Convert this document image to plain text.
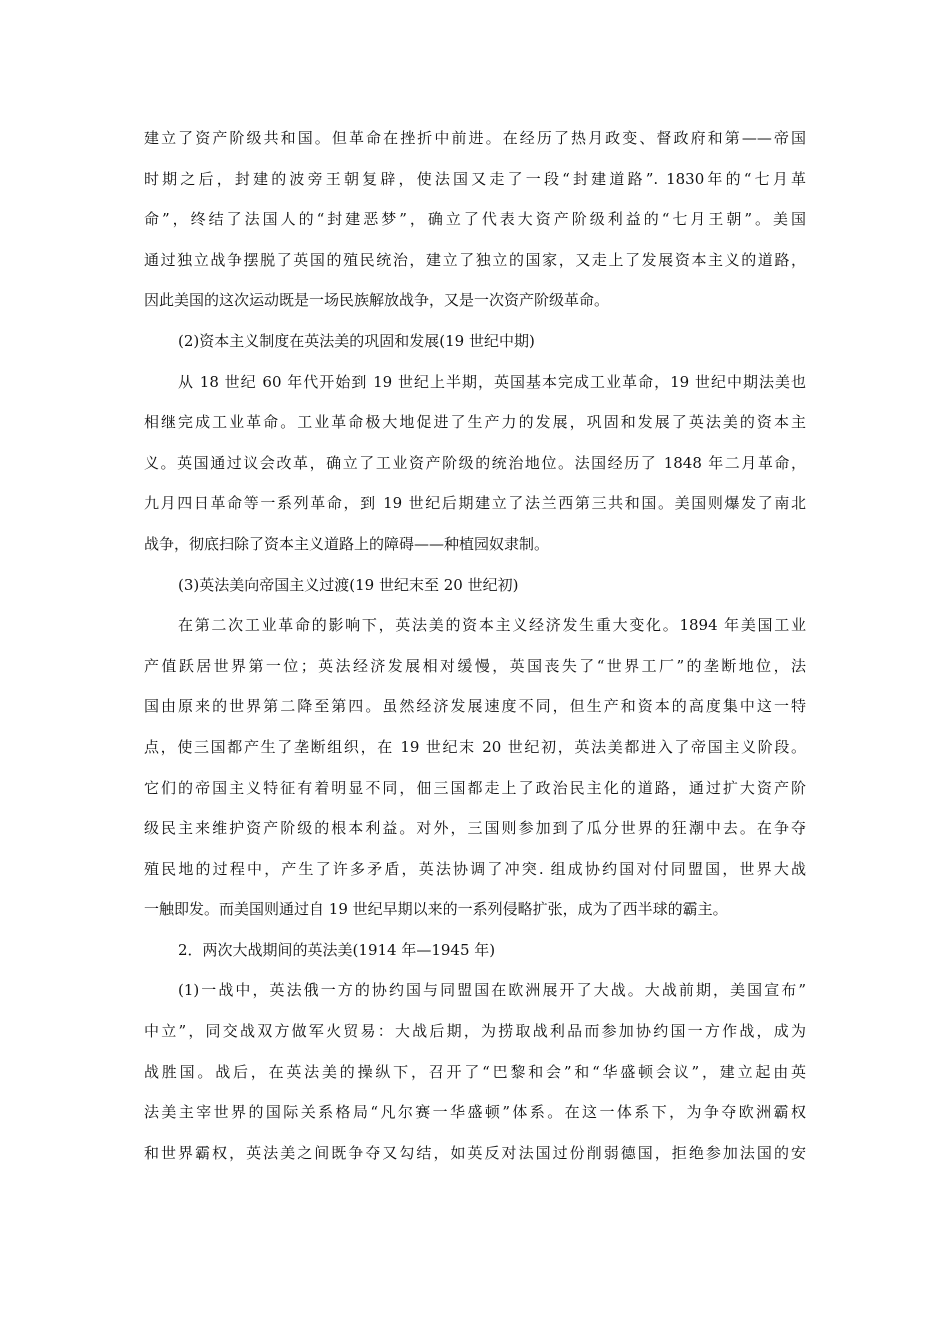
建立了资产阶级共和国。但革命在挫折中前进。在经历了热月政变、督政府和第——帝国
时期之后，封建的波旁王朝复辟，使法国又走了一段“封建道路”. 1830年的“七月革
命”，终结了法国人的“封建恶梦”，确立了代表大资产阶级利益的“七月王朝”。美国
通过独立战争摆脱了英国的殖民统治，建立了独立的国家，又走上了发展资本主义的道路，
因此美国的这次运动既是一场民族解放战争，又是一次资产阶级革命。
(2)资本主义制度在英法美的巩固和发展(19 世纪中期)
从 18 世纪 60 年代开始到 19 世纪上半期，英国基本完成工业革命，19 世纪中期法美也
相继完成工业革命。工业革命极大地促进了生产力的发展，巩固和发展了英法美的资本主
义。英国通过议会改革，确立了工业资产阶级的统治地位。法国经历了 1848 年二月革命，
九月四日革命等一系列革命，到 19 世纪后期建立了法兰西第三共和国。美国则爆发了南北
战争，彻底扫除了资本主义道路上的障碍——种植园奴隶制。
(3)英法美向帝国主义过渡(19 世纪末至 20 世纪初)
在第二次工业革命的影响下，英法美的资本主义经济发生重大变化。1894 年美国工业
产值跃居世界第一位；英法经济发展相对缓慢，英国丧失了“世界工厂”的垄断地位，法
国由原来的世界第二降至第四。虽然经济发展速度不同，但生产和资本的高度集中这一特
点，使三国都产生了垄断组织，在 19 世纪末 20 世纪初，英法美都进入了帝国主义阶段。
它们的帝国主义特征有着明显不同，佃三国都走上了政治民主化的道路，通过扩大资产阶
级民主来维护资产阶级的根本利益。对外，三国则参加到了瓜分世界的狂潮中去。在争夺
殖民地的过程中，产生了许多矛盾，英法协调了冲突. 组成协约国对付同盟国，世界大战
一触即发。而美国则通过自 19 世纪早期以来的一系列侵略扩张，成为了西半球的霸主。
2．两次大战期间的英法美(1914 年—1945 年)
(1)一战中，英法俄一方的协约国与同盟国在欧洲展开了大战。大战前期，美国宣布”
中立”，同交战双方做军火贸易：大战后期，为捞取战利品而参加协约国一方作战，成为
战胜国。战后，在英法美的操纵下，召开了“巴黎和会”和“华盛顿会议”，建立起由英
法美主宰世界的国际关系格局“凡尔赛一华盛顿”体系。在这一体系下，为争夺欧洲霸权
和世界霸权，英法美之间既争夺又勾结，如英反对法国过份削弱德国，拒绝参加法国的安
